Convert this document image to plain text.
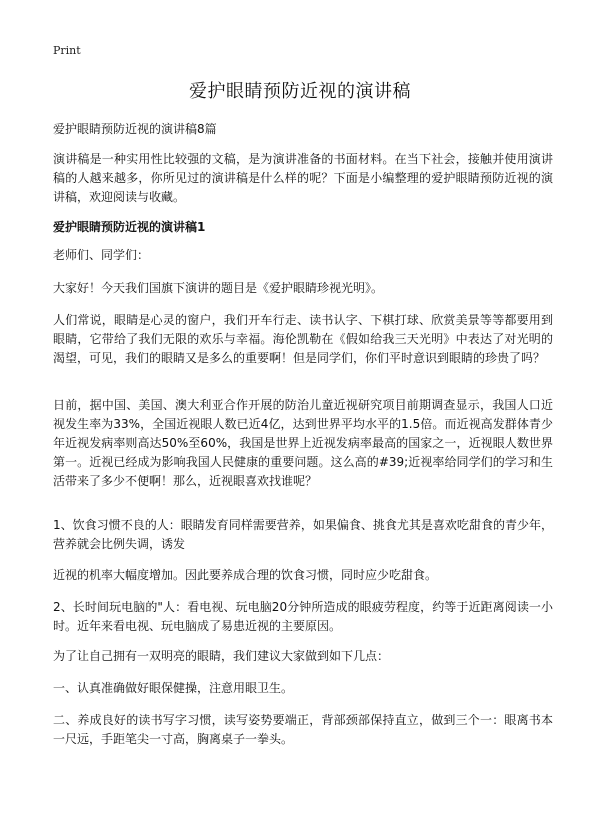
Print
爱护眼睛预防近视的演讲稿

爱护眼睛预防近视的演讲稿8篇

演讲稿是一种实用性比较强的文稿，是为演讲准备的书面材料。在当下社会，接触并使用演讲稿的人越来越多，你所见过的演讲稿是什么样的呢？下面是小编整理的爱护眼睛预防近视的演讲稿，欢迎阅读与收藏。

爱护眼睛预防近视的演讲稿1

老师们、同学们：

大家好！今天我们国旗下演讲的题目是《爱护眼睛珍视光明》。

人们常说，眼睛是心灵的窗户，我们开车行走、读书认字、下棋打球、欣赏美景等等都要用到眼睛，它带给了我们无限的欢乐与幸福。海伦凯勒在《假如给我三天光明》中表达了对光明的渴望，可见，我们的眼睛又是多么的重要啊！但是同学们，你们平时意识到眼睛的珍贵了吗？

日前，据中国、美国、澳大利亚合作开展的防治儿童近视研究项目前期调查显示，我国人口近视发生率为33%，全国近视眼人数已近4亿，达到世界平均水平的1.5倍。而近视高发群体青少年近视发病率则高达50%至60%，我国是世界上近视发病率最高的国家之一，近视眼人数世界第一。近视已经成为影响我国人民健康的重要问题。这么高的#39;近视率给同学们的学习和生活带来了多少不便啊！那么，近视眼喜欢找谁呢？

1、饮食习惯不良的人：眼睛发育同样需要营养，如果偏食、挑食尤其是喜欢吃甜食的青少年，营养就会比例失调，诱发

近视的机率大幅度增加。因此要养成合理的饮食习惯，同时应少吃甜食。

2、长时间玩电脑的"人：看电视、玩电脑20分钟所造成的眼疲劳程度，约等于近距离阅读一小时。近年来看电视、玩电脑成了易患近视的主要原因。

为了让自己拥有一双明亮的眼睛，我们建议大家做到如下几点：

一、认真准确做好眼保健操，注意用眼卫生。

二、养成良好的读书写字习惯，读写姿势要端正，背部颈部保持直立，做到三个一：眼离书本一尺远，手距笔尖一寸高，胸离桌子一拳头。
